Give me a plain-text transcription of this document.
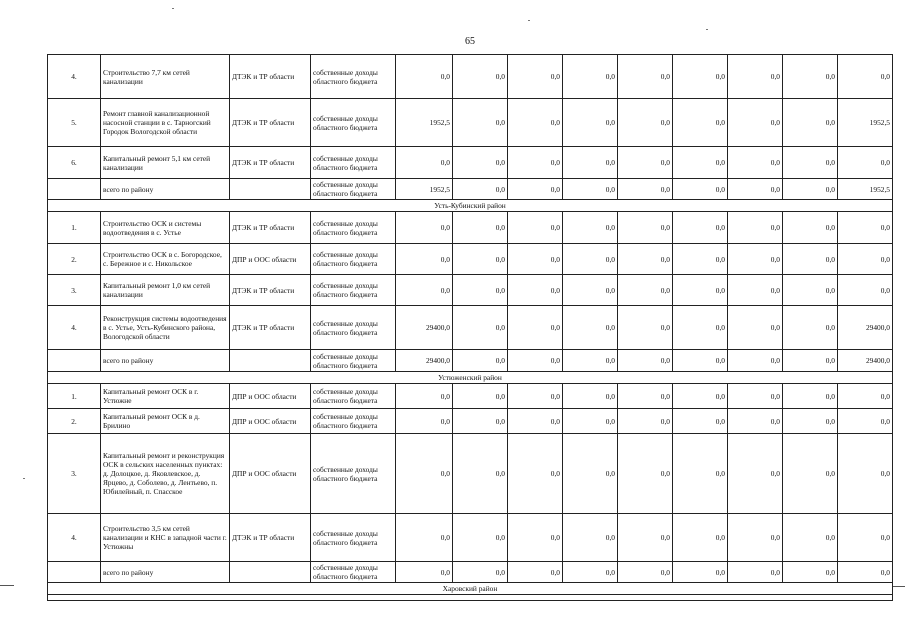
65
4.	Строительство 7,7 км сетей канализации	ДТЭК и ТР области	собственные доходы областного бюджета	0,0	0,0	0,0	0,0	0,0	0,0	0,0	0,0	0,0
5.	Ремонт главной канализационной насосной станции в с. Тарногский Городок Вологодской области	ДТЭК и ТР области	собственные доходы областного бюджета	1952,5	0,0	0,0	0,0	0,0	0,0	0,0	0,0	1952,5
6.	Капитальный ремонт 5,1 км сетей канализации	ДТЭК и ТР области	собственные доходы областного бюджета	0,0	0,0	0,0	0,0	0,0	0,0	0,0	0,0	0,0
	всего по району		собственные доходы областного бюджета	1952,5	0,0	0,0	0,0	0,0	0,0	0,0	0,0	1952,5
Усть-Кубинский район												
1.	Строительство ОСК и системы водоотведения в с. Устье	ДТЭК и ТР области	собственные доходы областного бюджета	0,0	0,0	0,0	0,0	0,0	0,0	0,0	0,0	0,0
2.	Строительство ОСК в с. Богородское, с. Бережное и с. Никольское	ДПР и ООС области	собственные доходы областного бюджета	0,0	0,0	0,0	0,0	0,0	0,0	0,0	0,0	0,0
3.	Капитальный ремонт 1,0 км сетей канализации	ДТЭК и ТР области	собственные доходы областного бюджета	0,0	0,0	0,0	0,0	0,0	0,0	0,0	0,0	0,0
4.	Реконструкция системы водоотведения в с. Устье, Усть-Кубинского района, Вологодской области	ДТЭК и ТР области	собственные доходы областного бюджета	29400,0	0,0	0,0	0,0	0,0	0,0	0,0	0,0	29400,0
	всего по району		собственные доходы областного бюджета	29400,0	0,0	0,0	0,0	0,0	0,0	0,0	0,0	29400,0
Устюженский район												
1.	Капитальный ремонт ОСК в г. Устюжне	ДПР и ООС области	собственные доходы областного бюджета	0,0	0,0	0,0	0,0	0,0	0,0	0,0	0,0	0,0
2.	Капитальный ремонт ОСК в д. Брилино	ДПР и ООС области	собственные доходы областного бюджета	0,0	0,0	0,0	0,0	0,0	0,0	0,0	0,0	0,0
3.	Капитальный ремонт и реконструкция ОСК в сельских населенных пунктах: д. Долоцкое, д. Яковлевское, д. Ярцево, д. Соболево, д. Лентьево, п. Юбилейный, п. Спасское	ДПР и ООС области	собственные доходы областного бюджета	0,0	0,0	0,0	0,0	0,0	0,0	0,0	0,0	0,0
4.	Строительство 3,5 км сетей канализации и КНС в западной части г. Устюжны	ДТЭК и ТР области	собственные доходы областного бюджета	0,0	0,0	0,0	0,0	0,0	0,0	0,0	0,0	0,0
	всего по району		собственные доходы областного бюджета	0,0	0,0	0,0	0,0	0,0	0,0	0,0	0,0	0,0
Харовский район												
